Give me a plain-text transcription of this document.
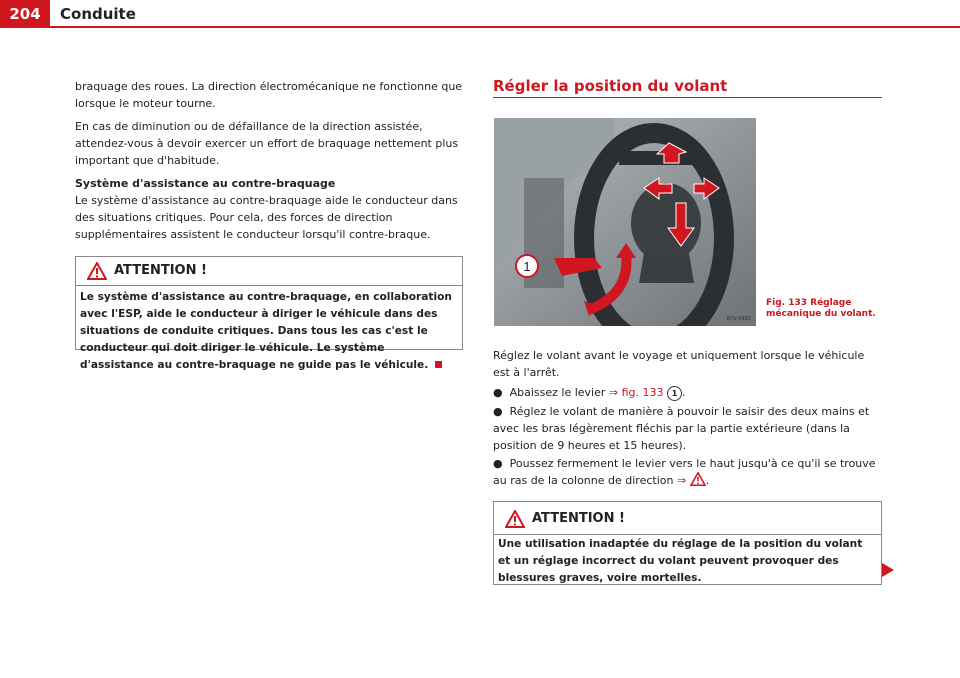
204	Conduite

braquage des roues. La direction électromécanique ne fonctionne que lorsque le moteur tourne.

En cas de diminution ou de défaillance de la direction assistée, attendez-vous à devoir exercer un effort de braquage nettement plus important que d'habitude.

Système d'assistance au contre-braquage

Le système d'assistance au contre-braquage aide le conducteur dans des situations critiques. Pour cela, des forces de direction supplémentaires assistent le conducteur lorsqu'il contre-braque.

ATTENTION !
Le système d'assistance au contre-braquage, en collaboration avec l'ESP, aide le conducteur à diriger le véhicule dans des situations de conduite critiques. Dans tous les cas c'est le conducteur qui doit diriger le véhicule. Le système d'assistance au contre-braquage ne guide pas le véhicule.
Régler la position du volant
1
B7V-0482
Fig. 133 Réglage mécanique du volant.

Réglez le volant avant le voyage et uniquement lorsque le véhicule est à l'arrêt.

●  Abaissez le levier ⇒ fig. 133 1 .
●  Réglez le volant de manière à pouvoir le saisir des deux mains et avec les bras légèrement fléchis par la partie extérieure (dans la position de 9 heures et 15 heures).
●  Poussez fermement le levier vers le haut jusqu'à ce qu'il se trouve au ras de la colonne de direction ⇒ .
ATTENTION !
Une utilisation inadaptée du réglage de la position du volant et un réglage incorrect du volant peuvent provoquer des blessures graves, voire mortelles.
